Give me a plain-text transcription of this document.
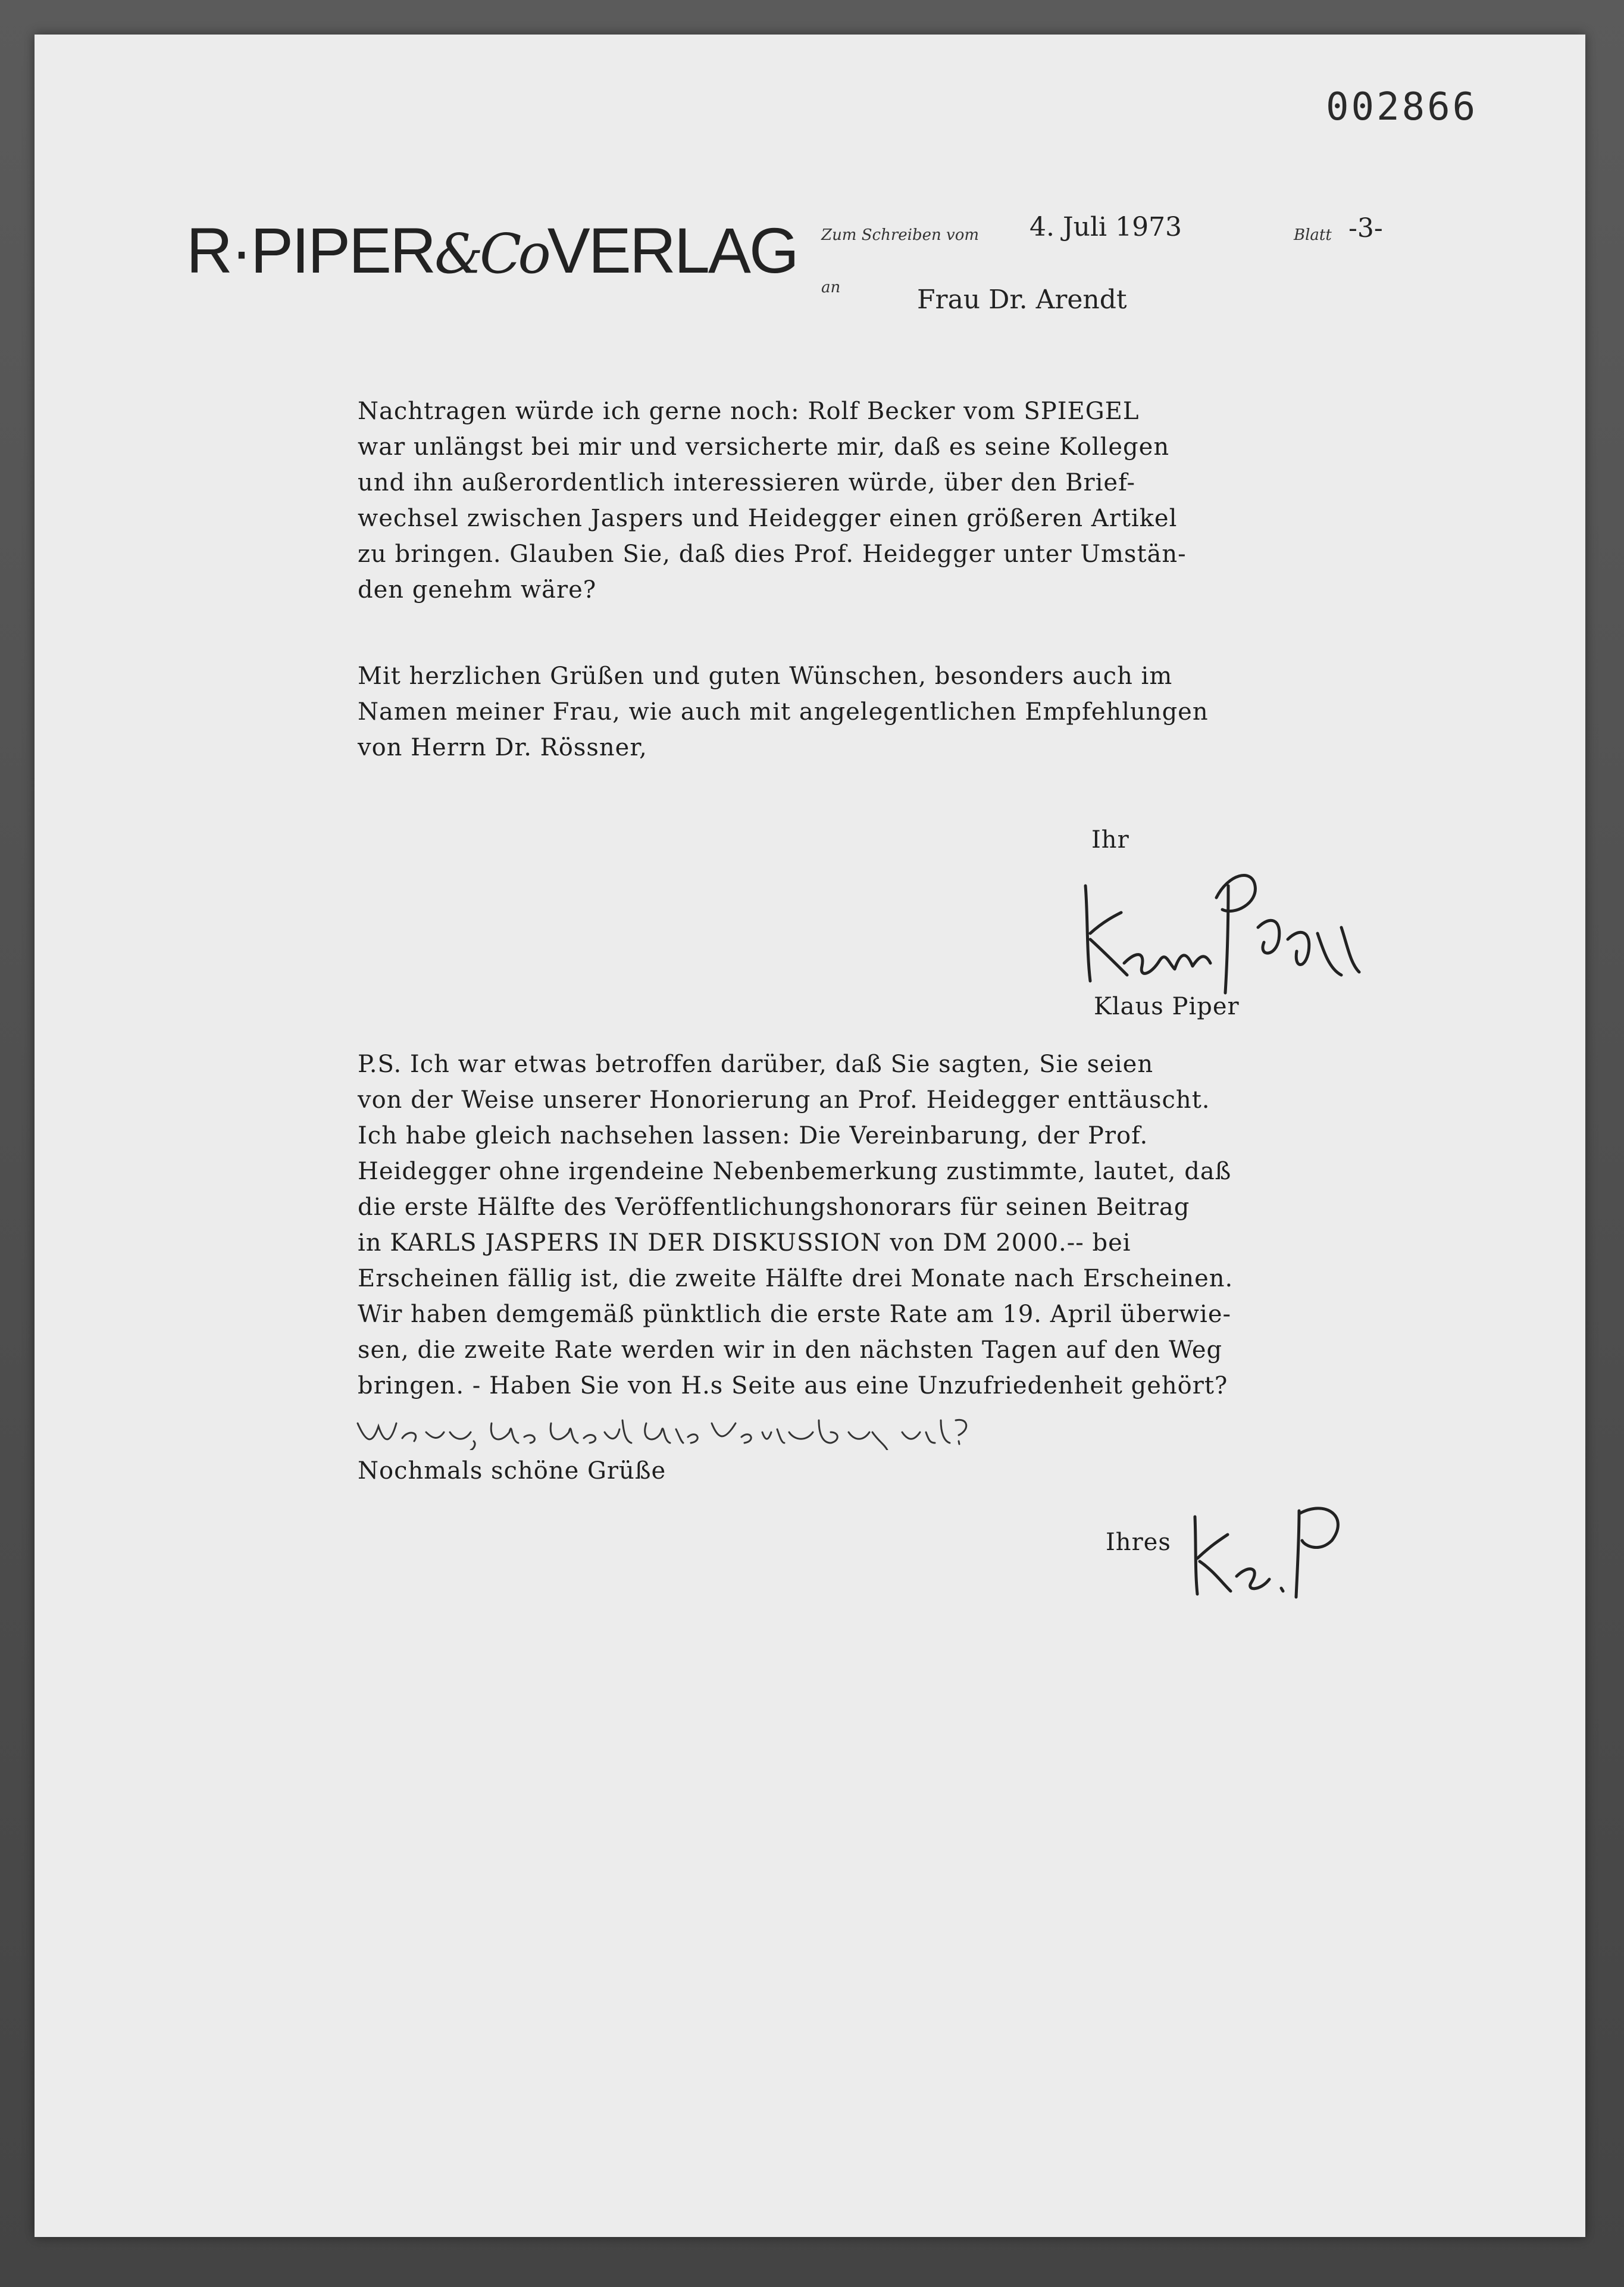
002866
R·PIPER&CoVERLAG Zum Schreiben vom 4. Juli 1973	Blatt -3-
an	Frau Dr. Arendt

Nachtragen würde ich gerne noch: Rolf Becker vom SPIEGEL

war unlängst bei mir und versicherte mir, daß es seine Kollegen

und ihn außerordentlich interessieren würde, über den Brief-

wechsel zwischen Jaspers und Heidegger einen größeren Artikel

zu bringen. Glauben Sie, daß dies Prof. Heidegger unter Umstän-

den genehm wäre?

Mit herzlichen Grüßen und guten Wünschen, besonders auch im

Namen meiner Frau, wie auch mit angelegentlichen Empfehlungen

von Herrn Dr. Rössner,

Ihr
Klaus Piper

P.S. Ich war etwas betroffen darüber, daß Sie sagten, Sie seien

von der Weise unserer Honorierung an Prof. Heidegger enttäuscht.

Ich habe gleich nachsehen lassen: Die Vereinbarung, der Prof.

Heidegger ohne irgendeine Nebenbemerkung zustimmte, lautet, daß

die erste Hälfte des Veröffentlichungshonorars für seinen Beitrag

in KARLS JASPERS IN DER DISKUSSION von DM 2000.-- bei

Erscheinen fällig ist, die zweite Hälfte drei Monate nach Erscheinen.

Wir haben demgemäß pünktlich die erste Rate am 19. April überwie-

sen, die zweite Rate werden wir in den nächsten Tagen auf den Weg

bringen. - Haben Sie von H.s Seite aus eine Unzufriedenheit gehört?

Nochmals schöne Grüße
Ihres
